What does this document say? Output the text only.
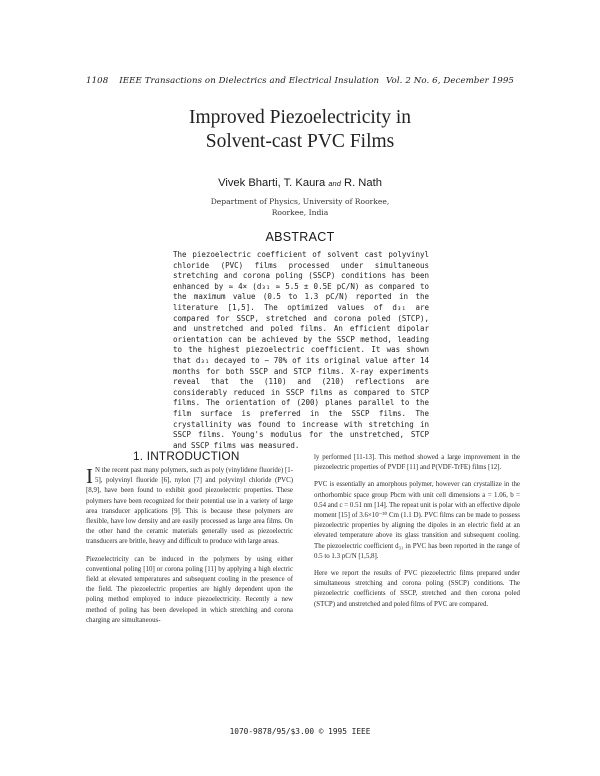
1108 IEEE Transactions on Dielectrics and Electrical Insulation Vol. 2 No. 6, December 1995
Improved Piezoelectricity in
Solvent-cast PVC Films
Vivek Bharti, T. Kaura and R. Nath
Department of Physics, University of Roorkee,
Roorkee, India
ABSTRACT
The piezoelectric coefficient of solvent cast polyvinyl chloride (PVC) films processed under simultaneous stretching and corona poling (SSCP) conditions has been enhanced by ≈ 4× (d₃₁ ≈ 5.5 ± 0.5E pC/N) as compared to the maximum value (0.5 to 1.3 pC/N) reported in the literature [1,5]. The optimized values of d₃₁ are compared for SSCP, stretched and corona poled (STCP), and unstretched and poled films. An efficient dipolar orientation can be achieved by the SSCP method, leading to the highest piezoelectric coefficient. It was shown that d₃₁ decayed to ~ 70% of its original value after 14 months for both SSCP and STCP films. X-ray experiments reveal that the (110) and (210) reflections are considerably reduced in SSCP films as compared to STCP films. The orientation of (200) planes parallel to the film surface is preferred in the SSCP films. The crystallinity was found to increase with stretching in SSCP films. Young's modulus for the unstretched, STCP and SSCP films was measured.
1. INTRODUCTION

I N the recent past many polymers, such as poly (vinylidene fluoride) [1-5], polyvinyl fluoride [6], nylon [7] and polyvinyl chloride (PVC) [8,9], have been found to exhibit good piezoelectric properties. These polymers have been recognized for their potential use in a variety of large area transducer applications [9]. This is because these polymers are flexible, have low density and are easily processed as large area films. On the other hand the ceramic materials generally used as piezoelectric transducers are brittle, heavy and difficult to produce with large areas.

Piezoelectricity can be induced in the polymers by using either conventional poling [10] or corona poling [11] by applying a high electric field at elevated temperatures and subsequent cooling in the presence of the field. The piezoelectric properties are highly dependent upon the poling method employed to induce piezoelectricity. Recently a new method of poling has been developed in which stretching and corona charging are simultaneous-

ly performed [11-13]. This method showed a large improvement in the piezoelectric properties of PVDF [11] and P(VDF-TrFE) films [12].

PVC is essentially an amorphous polymer, however can crystallize in the orthorhombic space group Pbcm with unit cell dimensions a = 1.06, b = 0.54 and c = 0.51 nm [14]. The repeat unit is polar with an effective dipole moment [15] of 3.6×10⁻³⁰ Cm (1.1 D). PVC films can be made to possess piezoelectric properties by aligning the dipoles in an electric field at an elevated temperature above its glass transition and subsequent cooling. The piezoelectric coefficient d₃₁ in PVC has been reported in the range of 0.5 to 1.3 pC/N [1,5,8].

Here we report the results of PVC piezoelectric films prepared under simultaneous stretching and corona poling (SSCP) conditions. The piezoelectric coefficients of SSCP, stretched and then corona poled (STCP) and unstretched and poled films of PVC are compared.

1070-9878/95/$3.00 © 1995 IEEE
